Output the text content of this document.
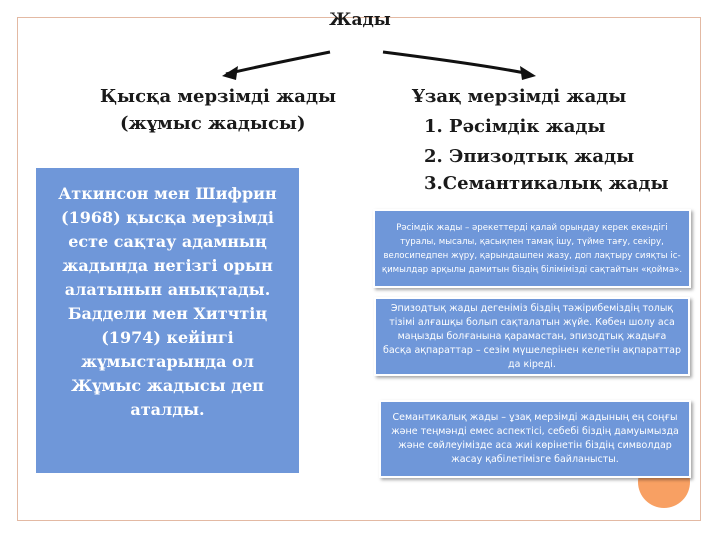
Жады
Қысқа мерзімді жады
(жұмыс жадысы)
Ұзақ мерзімді жады
1. Рәсімдік жады
2. Эпизодтық жады
3.Семантикалық жады
Аткинсон мен Шифрин (1968) қысқа мерзімді есте сақтау адамның жадында негізгі орын алатынын анықтады. Баддели мен Хитчтің (1974) кейінгі жұмыстарында ол Жұмыс жадысы деп аталды.
Рәсімдік жады – әрекеттерді қалай орындау керек екендігі туралы, мысалы, қасықпен тамақ ішу, түйме тағу, секіру, велосипедпен жүру, қарындашпен жазу, доп лақтыру сияқты іс-қимылдар арқылы дамитын біздің білімімізді сақтайтын «қойма».
Эпизодтық жады дегеніміз біздің тәжірибеміздің толық тізімі алғашқы болып сақталатын жүйе. Көбен шолу аса маңызды болғанына қарамастан, эпизодтық жадыға басқа ақпараттар – сезім мүшелерінен келетін ақпараттар да кіреді.
Семантикалық жады – ұзақ мерзімді жадының ең соңғы және теңмәнді емес аспектісі, себебі біздің дамуымызда және сөйлеуімізде аса жиі көрінетін біздің символдар жасау қабілетімізге байланысты.
